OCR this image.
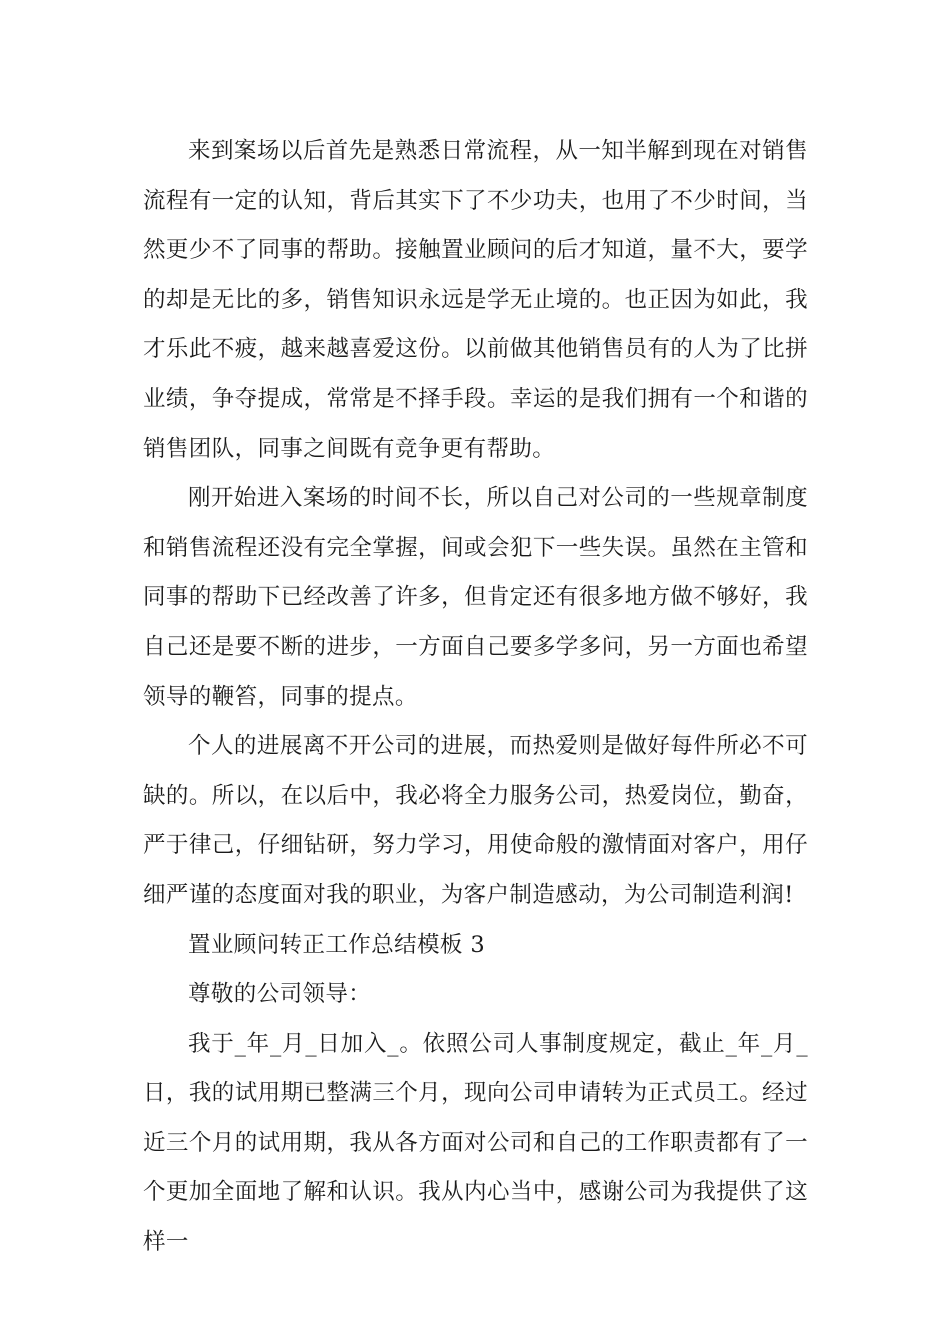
来到案场以后首先是熟悉日常流程，从一知半解到现在对销售流程有一定的认知，背后其实下了不少功夫，也用了不少时间，当然更少不了同事的帮助。接触置业顾问的后才知道，量不大，要学的却是无比的多，销售知识永远是学无止境的。也正因为如此，我才乐此不疲，越来越喜爱这份。以前做其他销售员有的人为了比拼业绩，争夺提成，常常是不择手段。幸运的是我们拥有一个和谐的销售团队，同事之间既有竞争更有帮助。

刚开始进入案场的时间不长，所以自己对公司的一些规章制度和销售流程还没有完全掌握，间或会犯下一些失误。虽然在主管和同事的帮助下已经改善了许多，但肯定还有很多地方做不够好，我自己还是要不断的进步，一方面自己要多学多问，另一方面也希望领导的鞭笞，同事的提点。

个人的进展离不开公司的进展，而热爱则是做好每件所必不可缺的。所以，在以后中，我必将全力服务公司，热爱岗位，勤奋，严于律己，仔细钻研，努力学习，用使命般的激情面对客户，用仔细严谨的态度面对我的职业，为客户制造感动，为公司制造利润!

置业顾问转正工作总结模板 3

尊敬的公司领导：

我于_年_月_日加入_。依照公司人事制度规定，截止_年_月_日，我的试用期已整满三个月，现向公司申请转为正式员工。经过近三个月的试用期，我从各方面对公司和自己的工作职责都有了一个更加全面地了解和认识。我从内心当中，感谢公司为我提供了这样一
